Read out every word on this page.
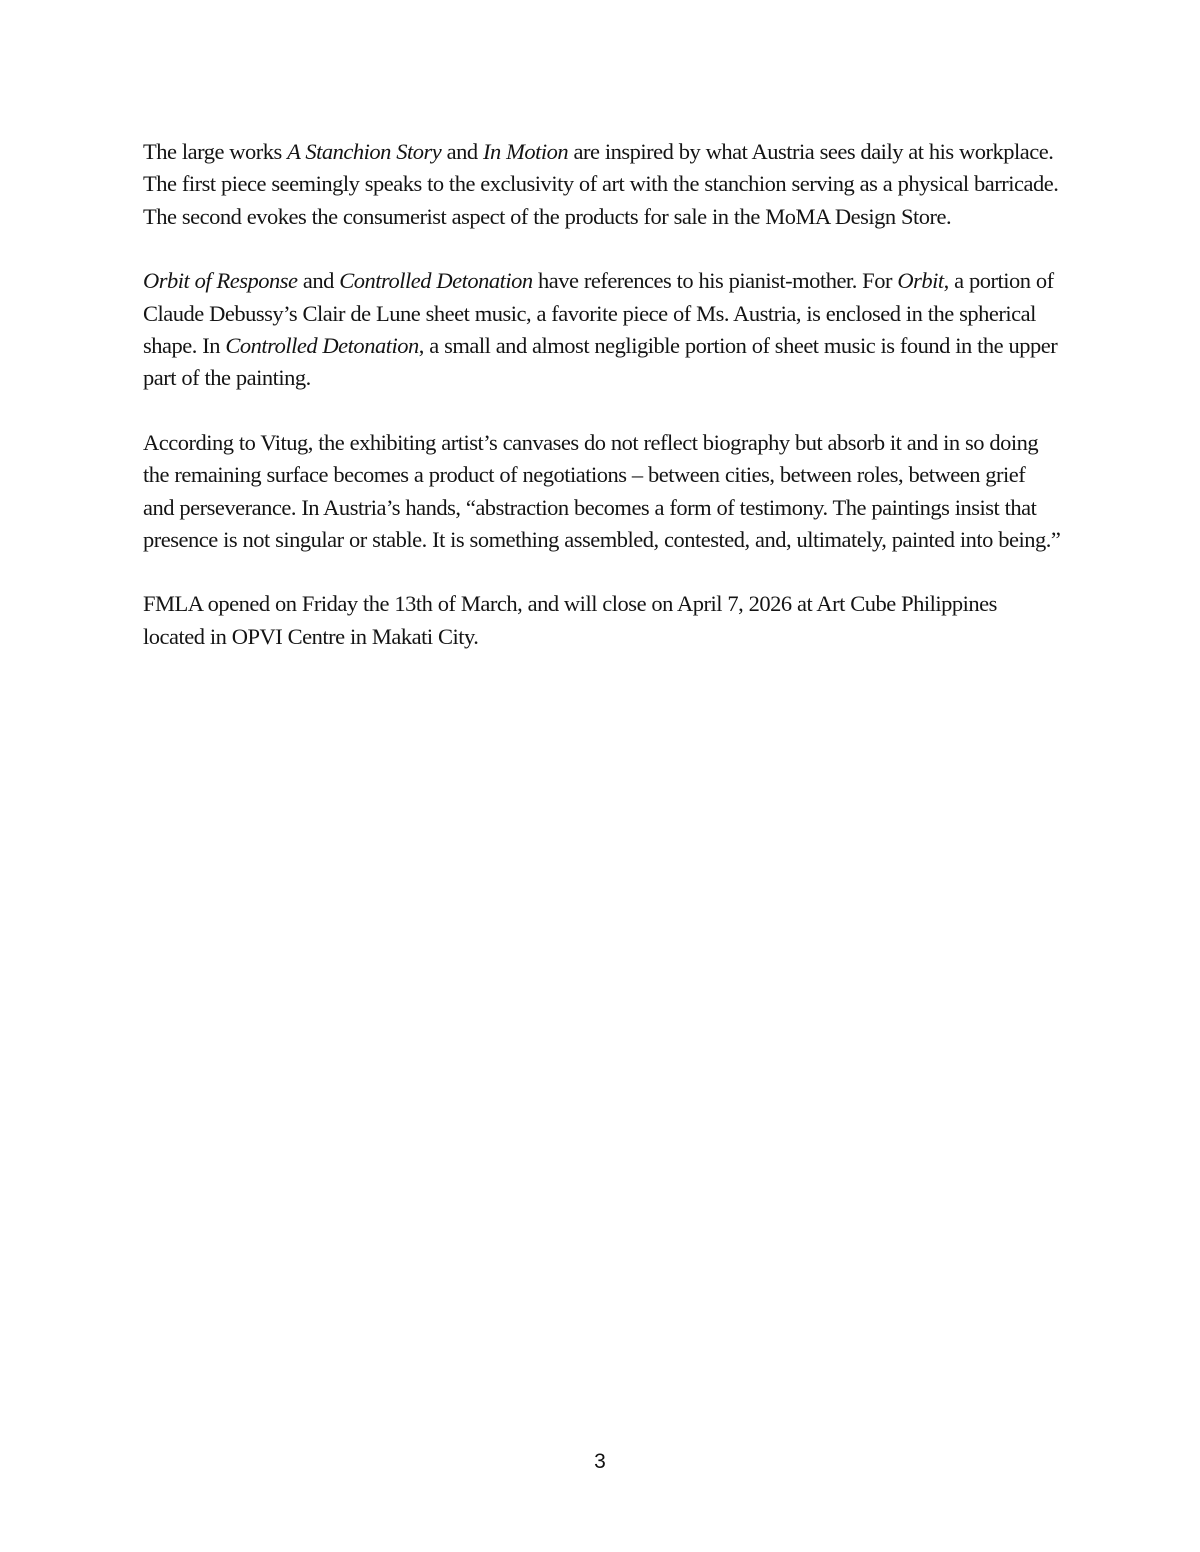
The large works A Stanchion Story and In Motion are inspired by what Austria sees daily at his workplace. The first piece seemingly speaks to the exclusivity of art with the stanchion serving as a physical barricade. The second evokes the consumerist aspect of the products for sale in the MoMA Design Store.

Orbit of Response and Controlled Detonation have references to his pianist-mother. For Orbit, a portion of Claude Debussy’s Clair de Lune sheet music, a favorite piece of Ms. Austria, is enclosed in the spherical shape. In Controlled Detonation, a small and almost negligible portion of sheet music is found in the upper part of the painting.

According to Vitug, the exhibiting artist’s canvases do not reflect biography but absorb it and in so doing the remaining surface becomes a product of negotiations – between cities, between roles, between grief and perseverance. In Austria’s hands, “abstraction becomes a form of testimony. The paintings insist that presence is not singular or stable. It is something assembled, contested, and, ultimately, painted into being.”

FMLA opened on Friday the 13th of March, and will close on April 7, 2026 at Art Cube Philippines located in OPVI Centre in Makati City.

3
